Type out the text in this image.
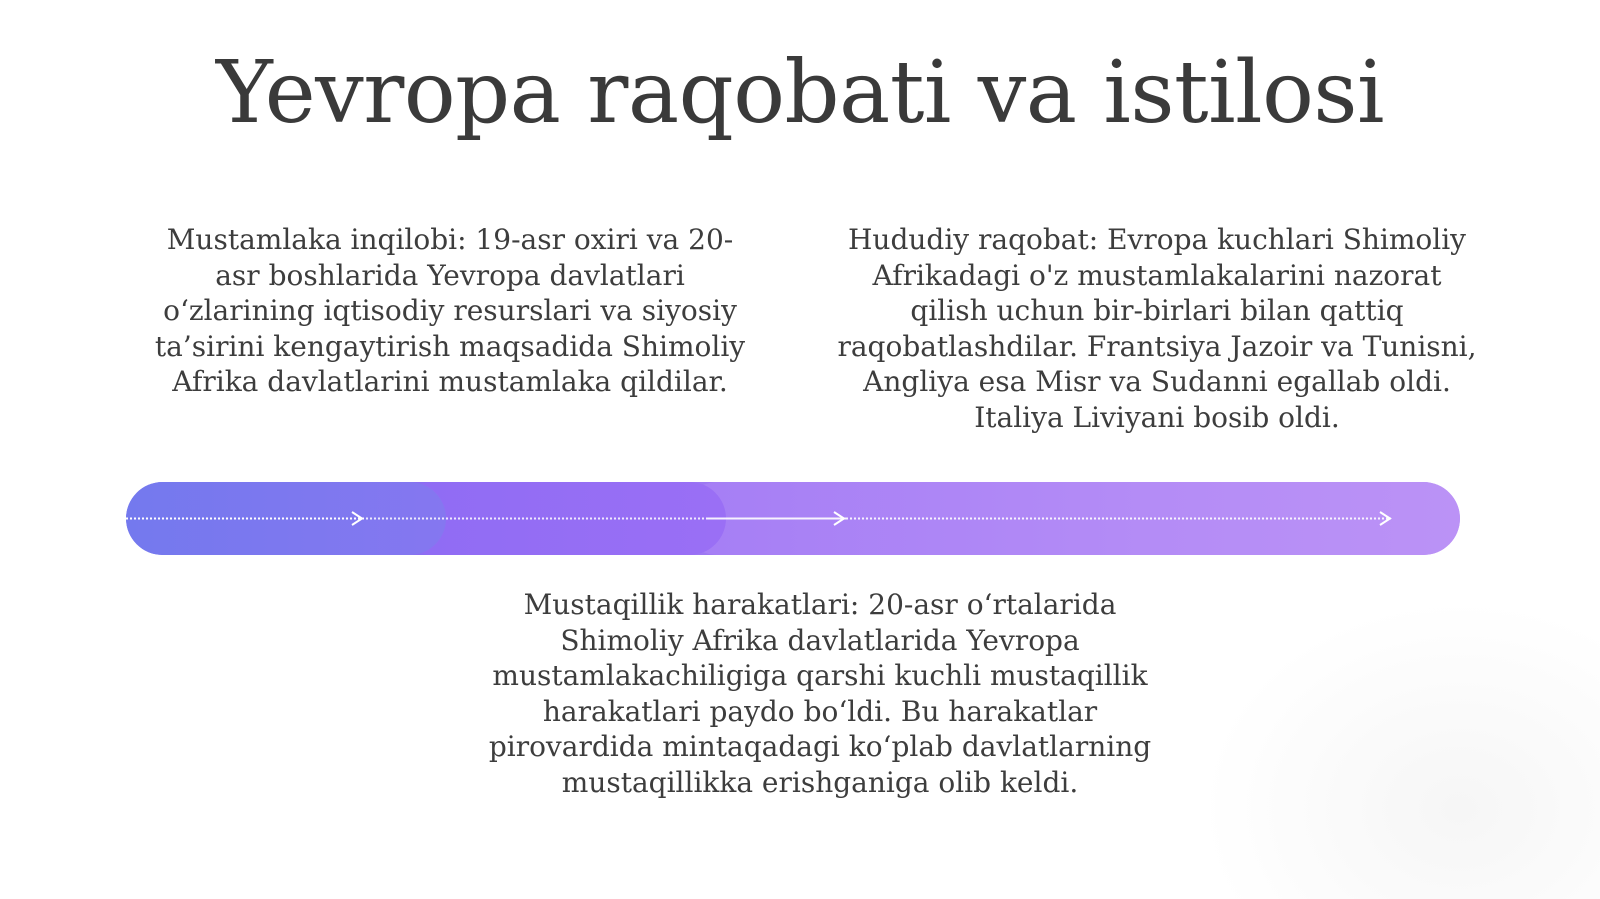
Yevropa raqobati va istilosi

Mustamlaka inqilobi: 19-asr oxiri va 20-asr boshlarida Yevropa davlatlari o‘zlarining iqtisodiy resurslari va siyosiy ta’sirini kengaytirish maqsadida Shimoliy Afrika davlatlarini mustamlaka qildilar.

Hududiy raqobat: Evropa kuchlari Shimoliy Afrikadagi o'z mustamlakalarini nazorat qilish uchun bir-birlari bilan qattiq raqobatlashdilar. Frantsiya Jazoir va Tunisni, Angliya esa Misr va Sudanni egallab oldi. Italiya Liviyani bosib oldi.

Mustaqillik harakatlari: 20-asr o‘rtalarida Shimoliy Afrika davlatlarida Yevropa mustamlakachiligiga qarshi kuchli mustaqillik harakatlari paydo bo‘ldi. Bu harakatlar pirovardida mintaqadagi ko‘plab davlatlarning mustaqillikka erishganiga olib keldi.
